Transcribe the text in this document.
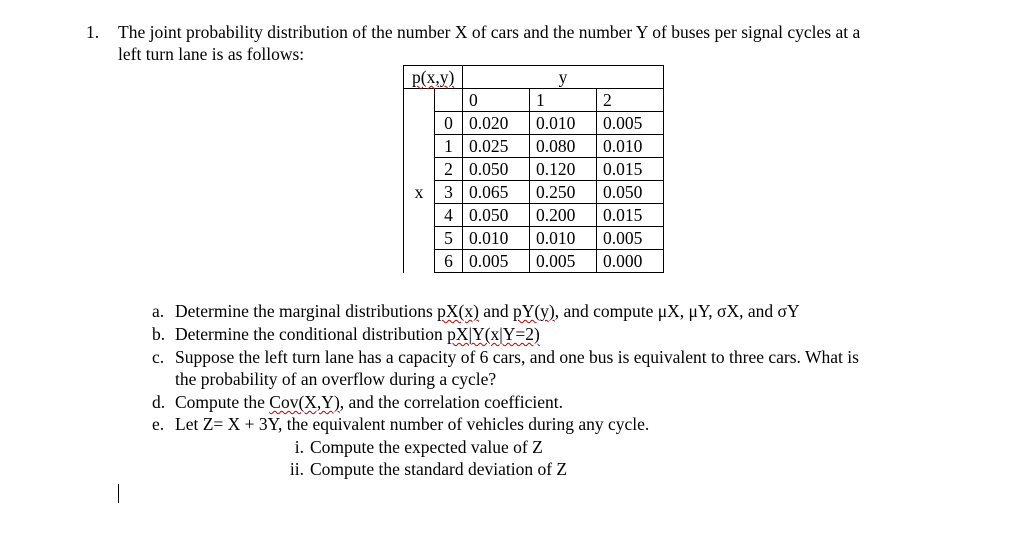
1. The joint probability distribution of the number X of cars and the number Y of buses per signal cycles at a
left turn lane is as follows:
p(x,y)		y		
		0	1	2
x	0	0.020	0.010	0.005
	1	0.025	0.080	0.010
	2	0.050	0.120	0.015
	3	0.065	0.250	0.050
	4	0.050	0.200	0.015
	5	0.010	0.010	0.005
	6	0.005	0.005	0.000
a. Determine the marginal distributions pX(x) and pY(y), and compute μX, μY, σX, and σY
b. Determine the conditional distribution pX|Y(x|Y=2)
c. Suppose the left turn lane has a capacity of 6 cars, and one bus is equivalent to three cars. What is
the probability of an overflow during a cycle?
d. Compute the Cov(X,Y), and the correlation coefficient.
e. Let Z= X + 3Y, the equivalent number of vehicles during any cycle.
i. Compute the expected value of Z
ii. Compute the standard deviation of Z
